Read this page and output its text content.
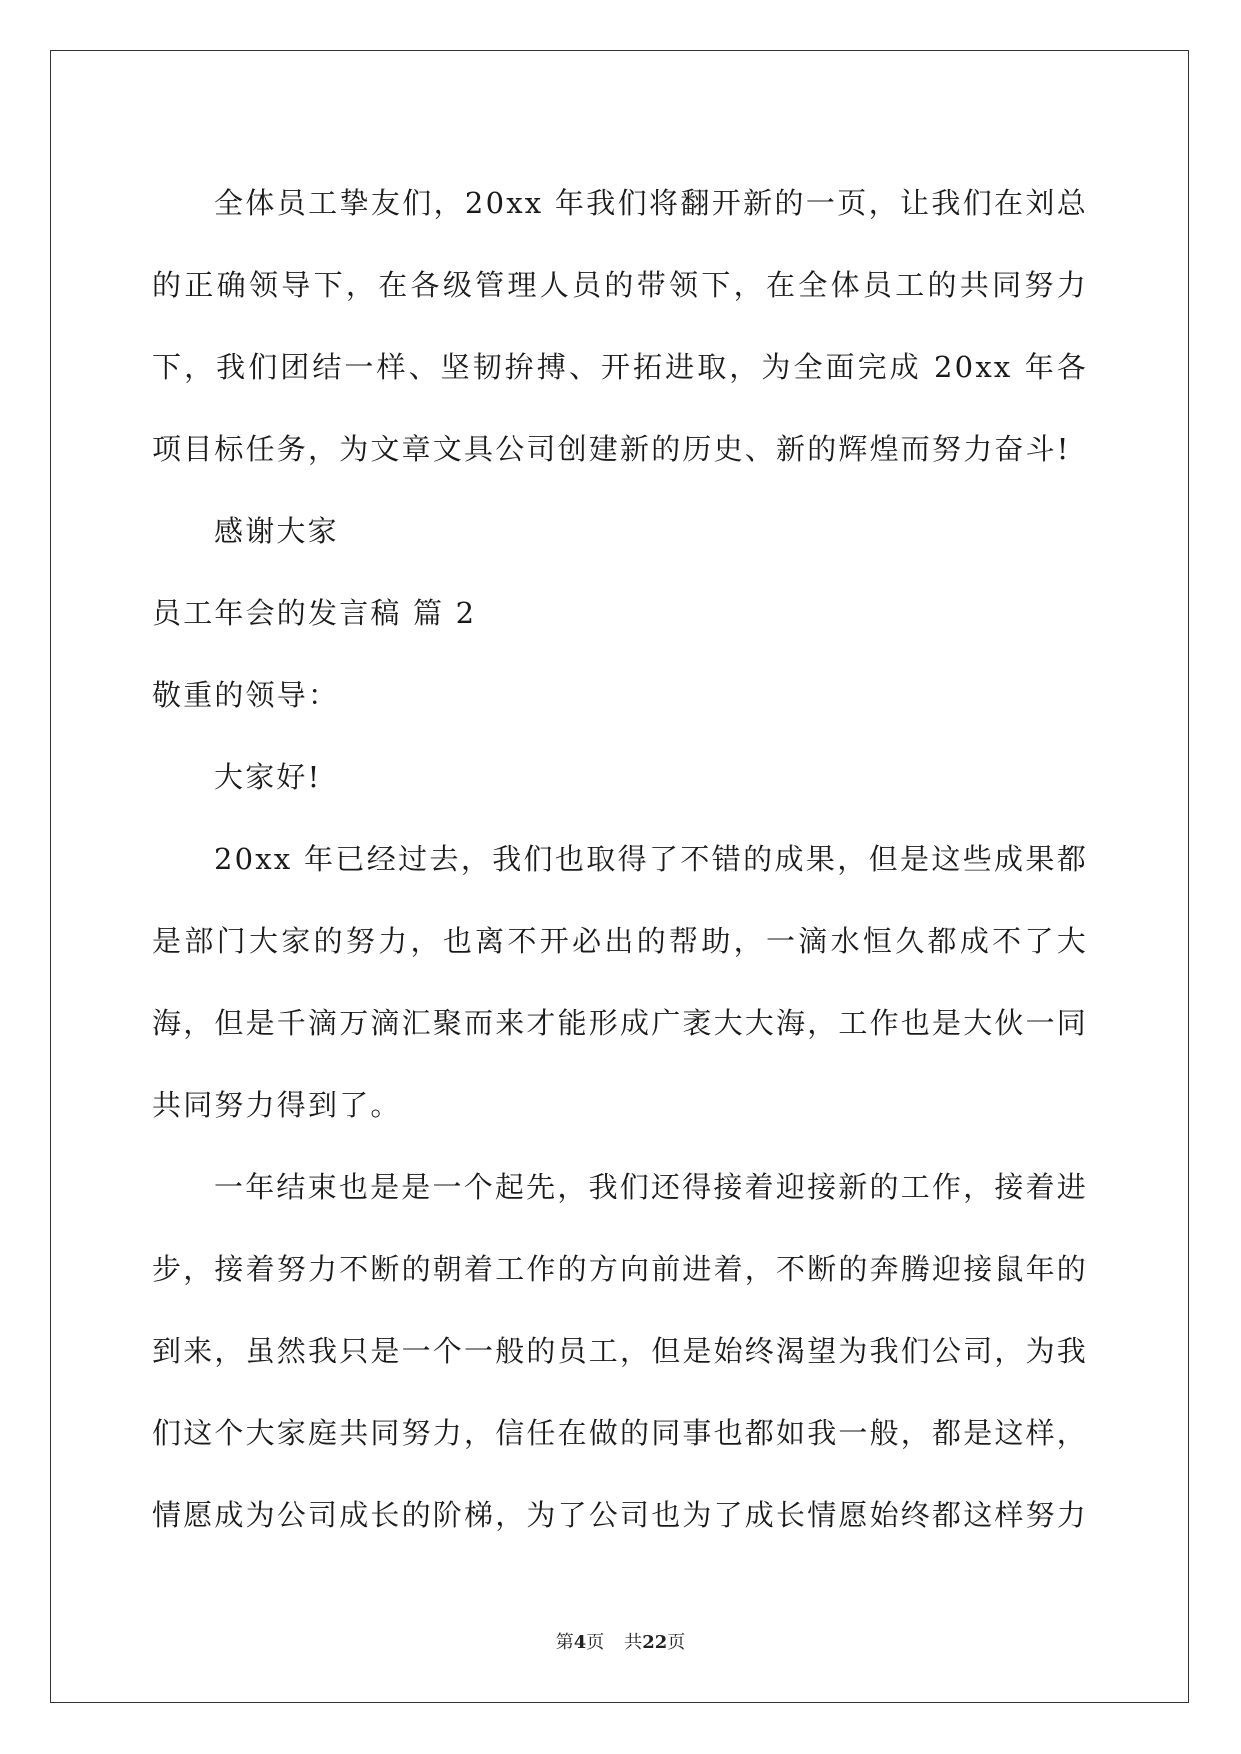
全体员工挚友们，20xx 年我们将翻开新的一页，让我们在刘总的正确领导下，在各级管理人员的带领下，在全体员工的共同努力下，我们团结一样、坚韧拚搏、开拓进取，为全面完成 20xx 年各项目标任务，为文章文具公司创建新的历史、新的辉煌而努力奋斗!

感谢大家

员工年会的发言稿 篇 2

敬重的领导：

大家好!

20xx 年已经过去，我们也取得了不错的成果，但是这些成果都是部门大家的努力，也离不开必出的帮助，一滴水恒久都成不了大海，但是千滴万滴汇聚而来才能形成广袤大大海，工作也是大伙一同共同努力得到了。

一年结束也是是一个起先，我们还得接着迎接新的工作，接着进步，接着努力不断的朝着工作的方向前进着，不断的奔腾迎接鼠年的到来，虽然我只是一个一般的员工，但是始终渴望为我们公司，为我们这个大家庭共同努力，信任在做的同事也都如我一般，都是这样，情愿成为公司成长的阶梯，为了公司也为了成长情愿始终都这样努力

第4页 共22页
